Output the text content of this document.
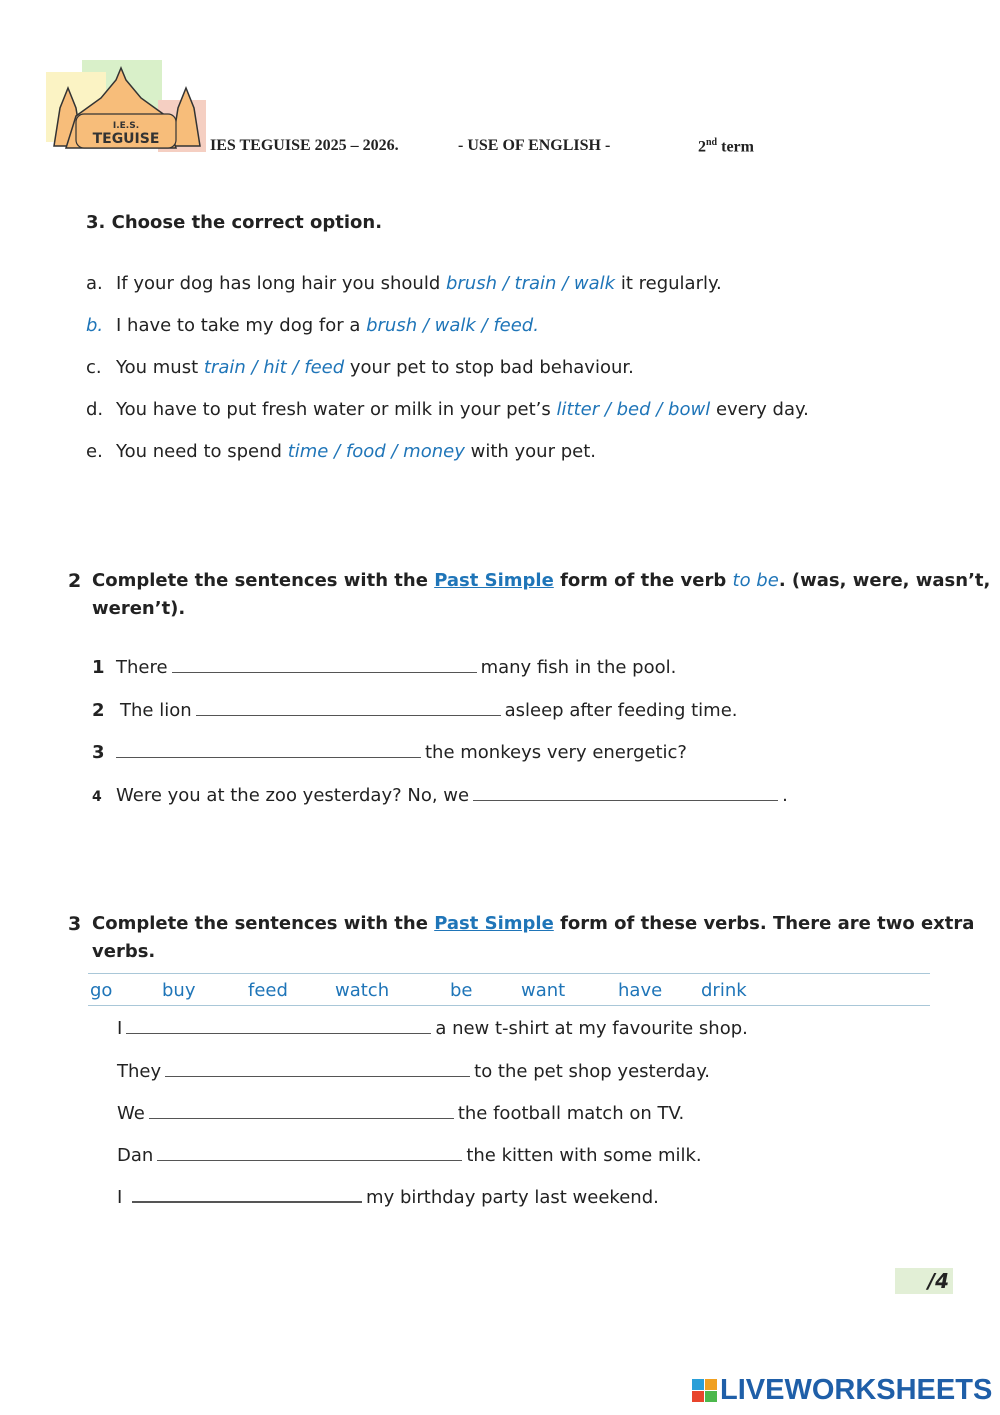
I.E.S.
TEGUISE	IES TEGUISE 2025 – 2026.	- USE OF ENGLISH -	2nd term
3. Choose the correct option.
a. If your dog has long hair you should brush / train / walk it regularly.
b. I have to take my dog for a brush / walk / feed.
c. You must train / hit / feed your pet to stop bad behaviour.
d. You have to put fresh water or milk in your pet’s litter / bed / bowl every day.
e. You need to spend time / food / money with your pet.
2 Complete the sentences with the Past Simple form of the verb to be. (was, were, wasn’t,
weren’t).
1 There	many fish in the pool.
2 The lion	asleep after feeding time.
3	the monkeys very energetic?
4 Were you at the zoo yesterday? No, we	.
3 Complete the sentences with the Past Simple form of these verbs. There are two extra
verbs.
go	buy	feed	watch	be	want	have drink
I	a new t-shirt at my favourite shop.
They	to the pet shop yesterday.
We	the football match on TV.
Dan	the kitten with some milk.
I	my birthday party last weekend.
/4
LIVEWORKSHEETS
